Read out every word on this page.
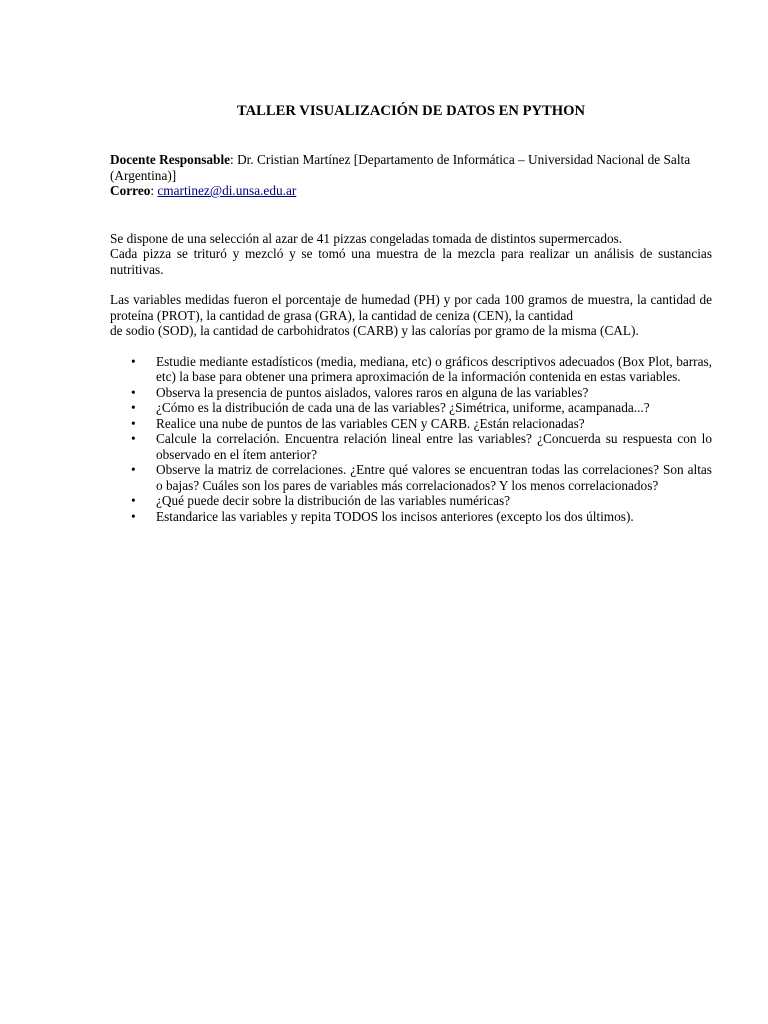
TALLER VISUALIZACIÓN DE DATOS EN PYTHON

Docente Responsable: Dr. Cristian Martínez [Departamento de Informática – Universidad Nacional de Salta (Argentina)]

Correo: cmartinez@di.unsa.edu.ar

Se dispone de una selección al azar de 41 pizzas congeladas tomada de distintos supermercados.

Cada pizza se trituró y mezcló y se tomó una muestra de la mezcla para realizar un análisis de sustancias nutritivas.

Las variables medidas fueron el porcentaje de humedad (PH) y por cada 100 gramos de muestra, la cantidad de proteína (PROT), la cantidad de grasa (GRA), la cantidad de ceniza (CEN), la cantidad

de sodio (SOD), la cantidad de carbohidratos (CARB) y las calorías por gramo de la misma (CAL).

• Estudie mediante estadísticos (media, mediana, etc) o gráficos descriptivos adecuados (Box Plot, barras, etc) la base para obtener una primera aproximación de la información contenida en estas variables.
• Observa la presencia de puntos aislados, valores raros en alguna de las variables?
• ¿Cómo es la distribución de cada una de las variables? ¿Simétrica, uniforme, acampanada...?
• Realice una nube de puntos de las variables CEN y CARB. ¿Están relacionadas?
• Calcule la correlación. Encuentra relación lineal entre las variables? ¿Concuerda su respuesta con lo observado en el ítem anterior?
• Observe la matriz de correlaciones. ¿Entre qué valores se encuentran todas las correlaciones? Son altas o bajas? Cuáles son los pares de variables más correlacionados? Y los menos correlacionados?
• ¿Qué puede decir sobre la distribución de las variables numéricas?
• Estandarice las variables y repita TODOS los incisos anteriores (excepto los dos últimos).
